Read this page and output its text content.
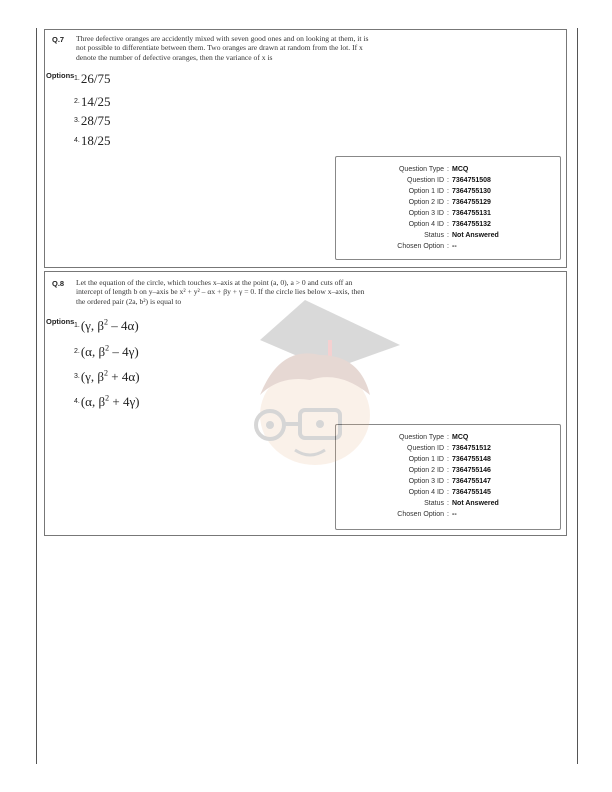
Q.7 Three defective oranges are accidently mixed with seven good ones and on looking at them, it is
not possible to differentiate between them. Two oranges are drawn at random from the lot. If x
denote the number of defective oranges, then the variance of x is
Options 1.26/75
2.14/25
3.28/75
4.18/25
Question Type : MCQ
Question ID : 7364751508
Option 1 ID : 7364755130
Option 2 ID : 7364755129
Option 3 ID : 7364755131
Option 4 ID : 7364755132
Status : Not Answered
Chosen Option : --
Q.8 Let the equation of the circle, which touches x–axis at the point (a, 0), a > 0 and cuts off an
intercept of length b on y–axis be x² + y² – αx + βy + γ = 0. If the circle lies below x–axis, then
the ordered pair (2a, b²) is equal to
Options 1.(γ, $\beta^2 - 4\alpha$)
2.(α, $\beta^2 - 4\gamma$)
3.(γ, $\beta^2 + 4\alpha$)
4.(α, $\beta^2 + 4\gamma$)
Question Type : MCQ
Question ID : 7364751512
Option 1 ID : 7364755148
Option 2 ID : 7364755146
Option 3 ID : 7364755147
Option 4 ID : 7364755145
Status : Not Answered
Chosen Option : --
